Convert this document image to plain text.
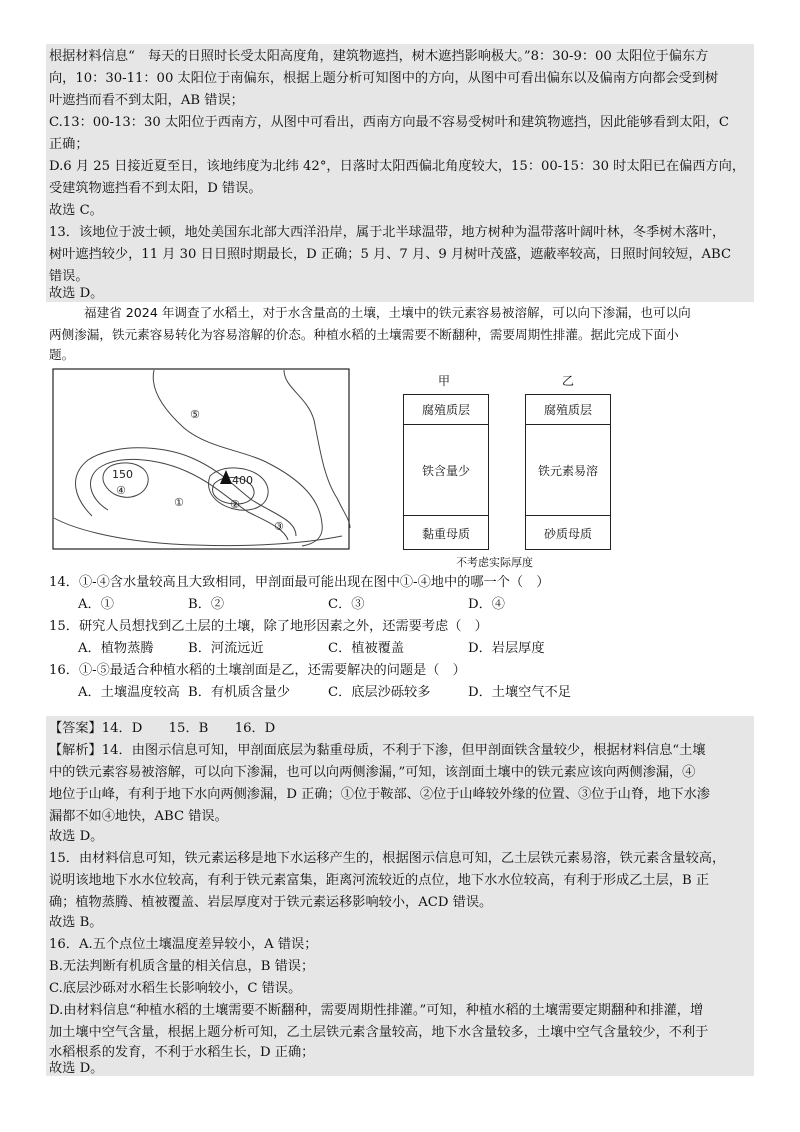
根据材料信息“　每天的日照时长受太阳高度角，建筑物遮挡，树木遮挡影响极大。”8：30-9：00 太阳位于偏东方
向，10：30-11：00 太阳位于南偏东，根据上题分析可知图中的方向，从图中可看出偏东以及偏南方向都会受到树
叶遮挡而看不到太阳，AB 错误；
C.13：00-13：30 太阳位于西南方，从图中可看出，西南方向最不容易受树叶和建筑物遮挡，因此能够看到太阳，C
正确；
D.6 月 25 日接近夏至日，该地纬度为北纬 42°，日落时太阳西偏北角度较大，15：00-15：30 时太阳已在偏西方向，
受建筑物遮挡看不到太阳，D 错误。
故选 C。
13．该地位于波士顿，地处美国东北部大西洋沿岸，属于北半球温带，地方树种为温带落叶阔叶林，冬季树木落叶，
树叶遮挡较少，11 月 30 日日照时期最长，D 正确；5 月、7 月、9 月树叶茂盛，遮蔽率较高，日照时间较短，ABC
错误。
故选 D。
福建省 2024 年调查了水稻土，对于水含量高的土壤，土壤中的铁元素容易被溶解，可以向下渗漏，也可以向
两侧渗漏，铁元素容易转化为容易溶解的价态。种植水稻的土壤需要不断翻种，需要周期性排灌。据此完成下面小
题。
150	400
④
①	②
③
⑤
甲
腐殖质层
铁含量少
黏重母质
乙
腐殖质层
铁元素易溶
砂质母质
不考虑实际厚度
14．①-④含水量较高且大致相同，甲剖面最可能出现在图中①-④地中的哪一个（　）
A．①	B．②	C．③	D．④
15．研究人员想找到乙土层的土壤，除了地形因素之外，还需要考虑（　）
A．植物蒸腾	B．河流远近	C．植被覆盖	D．岩层厚度
16．①-⑤最适合种植水稻的土壤剖面是乙，还需要解决的问题是（　）
A．土壤温度较高 B．有机质含量少	C．底层沙砾较多	D．土壤空气不足
【答案】14．D　　15．B　　16．D
【解析】14．由图示信息可知，甲剖面底层为黏重母质，不利于下渗，但甲剖面铁含量较少，根据材料信息“土壤
中的铁元素容易被溶解，可以向下渗漏，也可以向两侧渗漏，”可知，该剖面土壤中的铁元素应该向两侧渗漏，④
地位于山峰，有利于地下水向两侧渗漏，D 正确；①位于鞍部、②位于山峰较外缘的位置、③位于山脊，地下水渗
漏都不如④地快，ABC 错误。
故选 D。
15．由材料信息可知，铁元素运移是地下水运移产生的，根据图示信息可知，乙土层铁元素易溶，铁元素含量较高，
说明该地地下水水位较高，有利于铁元素富集，距离河流较近的点位，地下水水位较高，有利于形成乙土层，B 正
确；植物蒸腾、植被覆盖、岩层厚度对于铁元素运移影响较小，ACD 错误。
故选 B。
16．A.五个点位土壤温度差异较小，A 错误；
B.无法判断有机质含量的相关信息，B 错误；
C.底层沙砾对水稻生长影响较小，C 错误。
D.由材料信息“种植水稻的土壤需要不断翻种，需要周期性排灌。”可知，种植水稻的土壤需要定期翻种和排灌，增
加土壤中空气含量，根据上题分析可知，乙土层铁元素含量较高，地下水含量较多，土壤中空气含量较少，不利于
水稻根系的发育，不利于水稻生长，D 正确；
故选 D。
